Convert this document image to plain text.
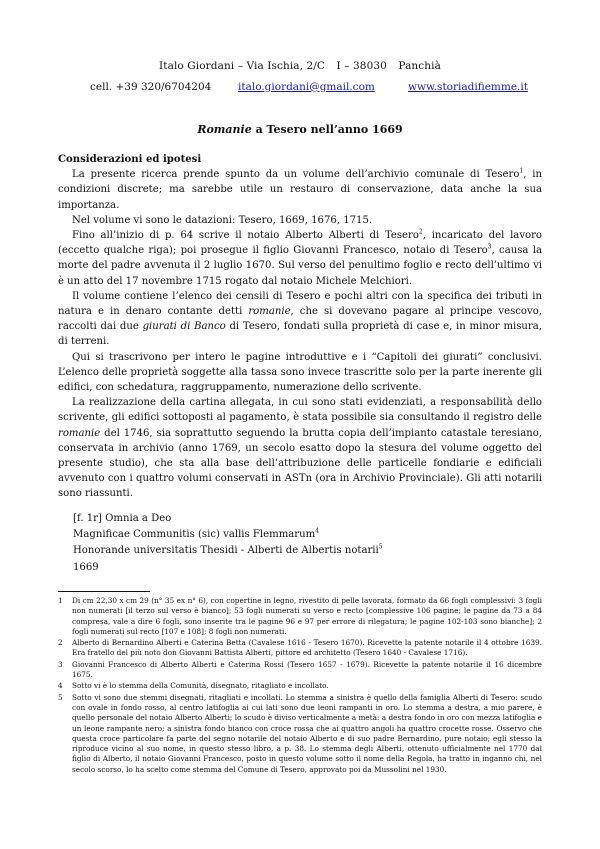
Italo Giordani – Via Ischia, 2/C I – 38030 Panchià
cell. +39 320/6704204	italo.giordani@gmail.com	www.storiadifiemme.it
Romanie a Tesero nell’anno 1669

Considerazioni ed ipotesi

La presente ricerca prende spunto da un volume dell’archivio comunale di Tesero$^1$, in condizioni discrete; ma sarebbe utile un restauro di conservazione, data anche la sua importanza.

Nel volume vi sono le datazioni: Tesero, 1669, 1676, 1715.

Fino all’inizio di p. 64 scrive il notaio Alberto Alberti di Tesero$^2$, incaricato del lavoro (eccetto qualche riga); poi prosegue il figlio Giovanni Francesco, notaio di Tesero$^3$, causa la morte del padre avvenuta il 2 luglio 1670. Sul verso del penultimo foglio e recto dell’ultimo vi è un atto del 17 novembre 1715 rogato dal notaio Michele Melchiori.

Il volume contiene l’elenco dei censili di Tesero e pochi altri con la specifica dei tributi in natura e in denaro contante detti romanie, che si dovevano pagare al principe vescovo, raccolti dai due giurati di Banco di Tesero, fondati sulla proprietà di case e, in minor misura, di terreni.

Qui si trascrivono per intero le pagine introduttive e i “Capitoli dei giurati” conclusivi. L’elenco delle proprietà soggette alla tassa sono invece trascritte solo per la parte inerente gli edifici, con schedatura, raggruppamento, numerazione dello scrivente.

La realizzazione della cartina allegata, in cui sono stati evidenziati, a responsabilità dello scrivente, gli edifici sottoposti al pagamento, è stata possibile sia consultando il registro delle romanie del 1746, sia soprattutto seguendo la brutta copia dell’impianto catastale teresiano, conservata in archivio (anno 1769, un secolo esatto dopo la stesura del volume oggetto del presente studio), che sta alla base dell’attribuzione delle particelle fondiarie e edificiali avvenuto con i quattro volumi conservati in ASTn (ora in Archivio Provinciale). Gli atti notarili sono riassunti.

[f. 1r] Omnia a Deo
Magnificae Communitis (sic) vallis Flemmarum$^4$
Honorande universitatis Thesidi - Alberti de Albertis notarii$^5$
1669
1	Di cm 22,30 x cm 29 (n° 35 ex n° 6), con copertine in legno, rivestito di pelle lavorata, formato da 66 fogli complessivi: 3 fogli non numerati [il terzo sul verso è bianco]; 53 fogli numerati su verso e recto [complessive 106 pagine; le pagine da 73 a 84 compresa, vale a dire 6 fogli, sono inserite tra le pagine 96 e 97 per errore di rilegatura; le pagine 102-103 sono bianche]; 2 fogli numerati sul recto [107 e 108]; 8 fogli non numerati.
2	Alberto di Bernardino Alberti e Caterina Betta (Cavalese 1616 - Tesero 1670). Ricevette la patente notarile il 4 ottobre 1639. Era fratello del più noto don Giovanni Battista Alberti, pittore ed architetto (Tesero 1640 - Cavalese 1716).
3	Giovanni Francesco di Alberto Alberti e Caterina Rossi (Tesero 1657 - 1679). Ricevette la patente notarile il 16 dicembre 1675.
4	Sotto vi è lo stemma della Comunità, disegnato, ritagliato e incollato.
5	Sotto vi sono due stemmi disegnati, ritagliati e incollati. Lo stemma a sinistra è quello della famiglia Alberti di Tesero: scudo con ovale in fondo rosso, al centro latifoglia ai cui lati sono due leoni rampanti in oro. Lo stemma a destra, a mio parere, è quello personale del notaio Alberto Alberti; lo scudo è diviso verticalmente a metà: a destra fondo in oro con mezza latifoglia e un leone rampante nero; a sinistra fondo bianco con croce rossa che ai quattro angoli ha quattro crocette rosse. Osservo che questa croce particolare fa parte del segno notarile del notaio Alberto e di suo padre Bernardino, pure notaio; egli stesso la riproduce vicino al suo nome, in questo stesso libro, a p. 38. Lo stemma degli Alberti, ottenuto ufficialmente nel 1770 dal figlio di Alberto, il notaio Giovanni Francesco, posto in questo volume sotto il nome della Regola, ha tratto in inganno chi, nel secolo scorso, lo ha scelto come stemma del Comune di Tesero, approvato poi da Mussolini nel 1930.
